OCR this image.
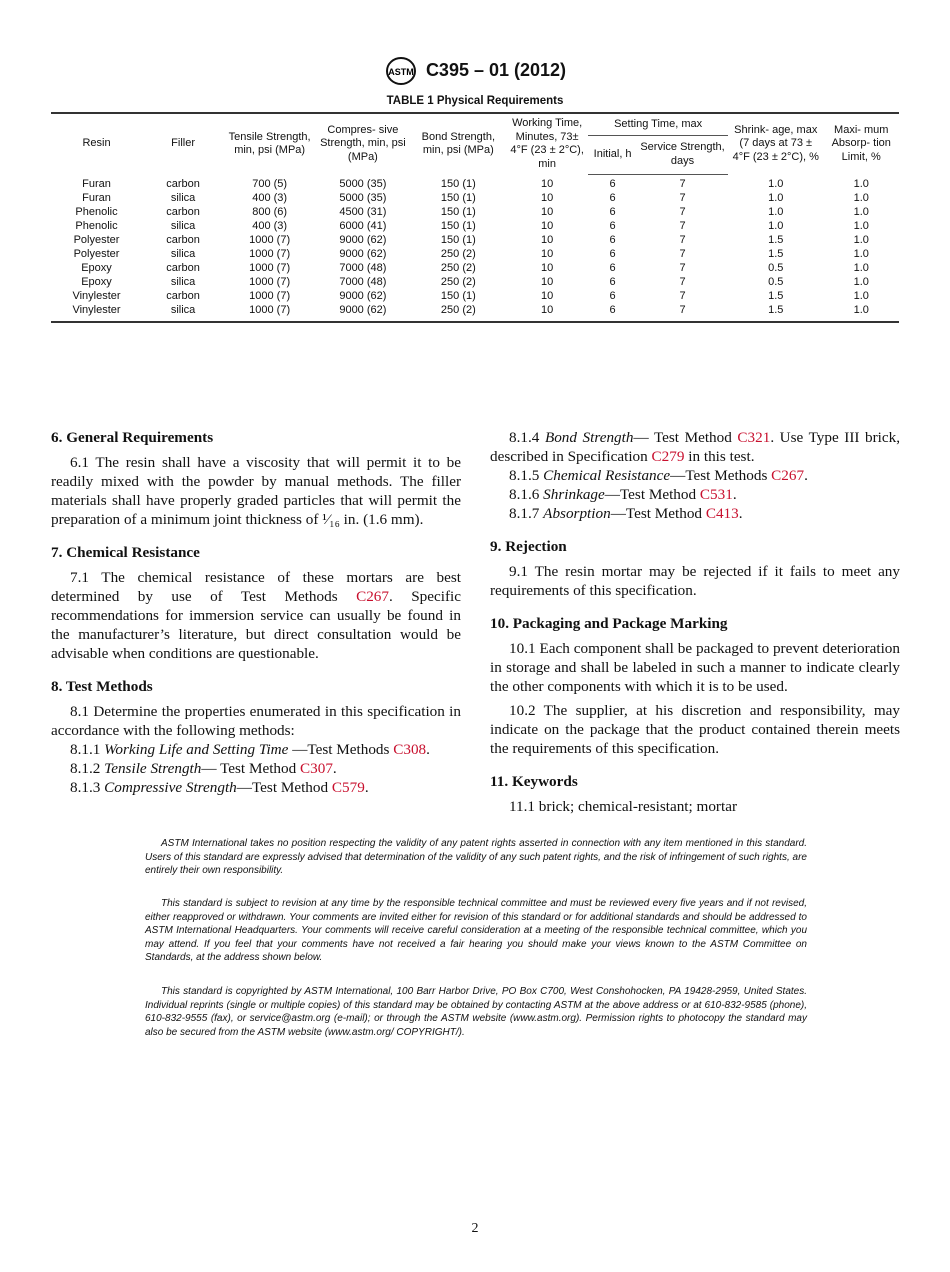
ASTM C395 – 01 (2012)
TABLE 1 Physical Requirements
Resin	Filler	Tensile Strength, min, psi (MPa)	Compres- sive Strength, min, psi (MPa)	Bond Strength, min, psi (MPa)	Working Time, Minutes, 73± 4°F (23 ± 2°C), min	Setting Time, max		Shrink- age, max (7 days at 73 ± 4°F (23 ± 2°C), %	Maxi- mum Absorp- tion Limit, %
						Initial, h	Service Strength, days		
Furan	carbon	700 (5)	5000 (35)	150 (1)	10	6	7	1.0	1.0
Furan	silica	400 (3)	5000 (35)	150 (1)	10	6	7	1.0	1.0
Phenolic	carbon	800 (6)	4500 (31)	150 (1)	10	6	7	1.0	1.0
Phenolic	silica	400 (3)	6000 (41)	150 (1)	10	6	7	1.0	1.0
Polyester	carbon	1000 (7)	9000 (62)	150 (1)	10	6	7	1.5	1.0
Polyester	silica	1000 (7)	9000 (62)	250 (2)	10	6	7	1.5	1.0
Epoxy	carbon	1000 (7)	7000 (48)	250 (2)	10	6	7	0.5	1.0
Epoxy	silica	1000 (7)	7000 (48)	250 (2)	10	6	7	0.5	1.0
Vinylester	carbon	1000 (7)	9000 (62)	150 (1)	10	6	7	1.5	1.0
Vinylester	silica	1000 (7)	9000 (62)	250 (2)	10	6	7	1.5	1.0
6. General Requirements

6.1 The resin shall have a viscosity that will permit it to be readily mixed with the powder by manual methods. The filler materials shall have properly graded particles that will permit the preparation of a minimum joint thickness of ¹⁄₁₆ in. (1.6 mm).

7. Chemical Resistance

7.1 The chemical resistance of these mortars are best determined by use of Test Methods C267. Specific recommendations for immersion service can usually be found in the manufacturer’s literature, but direct consultation would be advisable when conditions are questionable.

8. Test Methods

8.1 Determine the properties enumerated in this specification in accordance with the following methods:

8.1.1 Working Life and Setting Time —Test Methods C308.

8.1.2 Tensile Strength— Test Method C307.

8.1.3 Compressive Strength—Test Method C579.

8.1.4 Bond Strength— Test Method C321. Use Type III brick, described in Specification C279 in this test.

8.1.5 Chemical Resistance—Test Methods C267.

8.1.6 Shrinkage—Test Method C531.

8.1.7 Absorption—Test Method C413.

9. Rejection

9.1 The resin mortar may be rejected if it fails to meet any requirements of this specification.

10. Packaging and Package Marking

10.1 Each component shall be packaged to prevent deterioration in storage and shall be labeled in such a manner to indicate clearly the other components with which it is to be used.

10.2 The supplier, at his discretion and responsibility, may indicate on the package that the product contained therein meets the requirements of this specification.

11. Keywords

11.1 brick; chemical-resistant; mortar

ASTM International takes no position respecting the validity of any patent rights asserted in connection with any item mentioned in this standard. Users of this standard are expressly advised that determination of the validity of any such patent rights, and the risk of infringement of such rights, are entirely their own responsibility.

This standard is subject to revision at any time by the responsible technical committee and must be reviewed every five years and if not revised, either reapproved or withdrawn. Your comments are invited either for revision of this standard or for additional standards and should be addressed to ASTM International Headquarters. Your comments will receive careful consideration at a meeting of the responsible technical committee, which you may attend. If you feel that your comments have not received a fair hearing you should make your views known to the ASTM Committee on Standards, at the address shown below.

This standard is copyrighted by ASTM International, 100 Barr Harbor Drive, PO Box C700, West Conshohocken, PA 19428-2959, United States. Individual reprints (single or multiple copies) of this standard may be obtained by contacting ASTM at the above address or at 610-832-9585 (phone), 610-832-9555 (fax), or service@astm.org (e-mail); or through the ASTM website (www.astm.org). Permission rights to photocopy the standard may also be secured from the ASTM website (www.astm.org/ COPYRIGHT/).

2
